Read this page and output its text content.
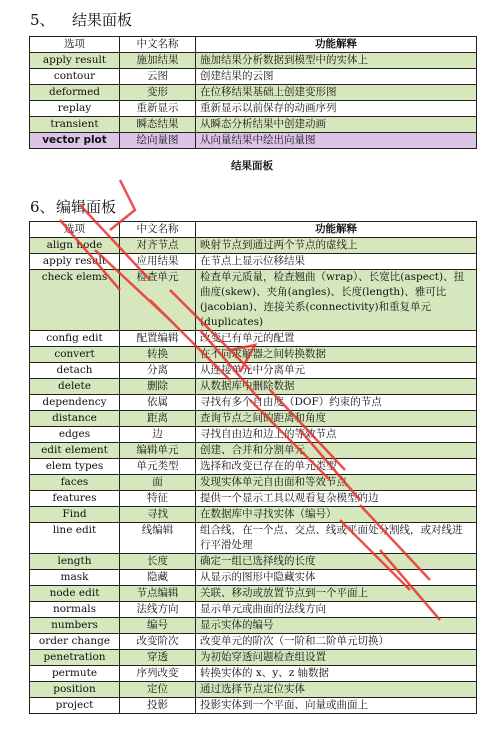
5、 结果面板
选项	中文名称	功能解释
apply result	施加结果	施加结果分析数据到模型中的实体上
contour	云图	创建结果的云图
deformed	变形	在位移结果基础上创建变形图
replay	重新显示	重新显示以前保存的动画序列
transient	瞬态结果	从瞬态分析结果中创建动画
vector plot	绘向量图	从向量结果中绘出向量图
结果面板
6、编辑面板
选项	中文名称	功能解释
align node	对齐节点	映射节点到通过两个节点的虚线上
apply result	应用结果	在节点上显示位移结果
check elems	检查单元	检查单元质量，检查翘曲（wrap）、长宽比(aspect)、扭曲度(skew)、夹角(angles)、长度(length)、雅可比(jacobian)、连接关系(connectivity)和重复单元(duplicates)
config edit	配置编辑	改变已有单元的配置
convert	转换	在不同求解器之间转换数据
detach	分离	从连接单元中分离单元
delete	删除	从数据库中删除数据
dependency	依属	寻找有多个自由度（DOF）约束的节点
distance	距离	查询节点之间的距离和角度
edges	边	寻找自由边和边上的等效节点
edit element	编辑单元	创建、合并和分割单元
elem types	单元类型	选择和改变已存在的单元类型
faces	面	发现实体单元自由面和等效节点
features	特征	提供一个显示工具以观看复杂模型的边
Find	寻找	在数据库中寻找实体（编号）
line edit	线编辑	组合线，在一个点、交点、线或平面处分割线，或对线进行平滑处理
length	长度	确定一组已选择线的长度
mask	隐藏	从显示的图形中隐藏实体
node edit	节点编辑	关联、移动或放置节点到一个平面上
normals	法线方向	显示单元或曲面的法线方向
numbers	编号	显示实体的编号
order change	改变阶次	改变单元的阶次（一阶和二阶单元切换）
penetration	穿透	为初始穿透问题检查组设置
permute	序列改变	转换实体的 x、y、z 轴数据
position	定位	通过选择节点定位实体
project	投影	投影实体到一个平面、向量或曲面上
